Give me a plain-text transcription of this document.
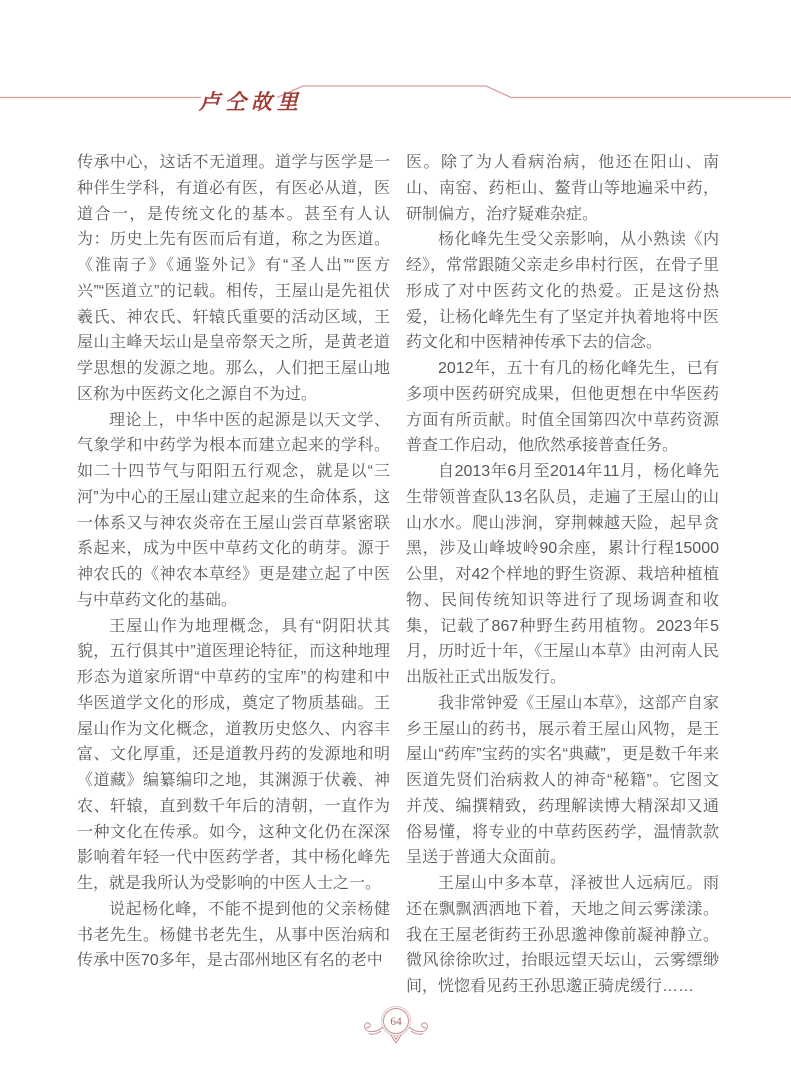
卢仝故里

传承中心，这话不无道理。道学与医学是一种伴生学科，有道必有医，有医必从道，医道合一，是传统文化的基本。甚至有人认为：历史上先有医而后有道，称之为医道。《淮南子》《通鉴外记》有“圣人出”“医方兴”“医道立”的记载。相传，王屋山是先祖伏羲氏、神农氏、轩辕氏重要的活动区域，王屋山主峰天坛山是皇帝祭天之所，是黄老道学思想的发源之地。那么，人们把王屋山地区称为中医药文化之源自不为过。

理论上，中华中医的起源是以天文学、气象学和中药学为根本而建立起来的学科。如二十四节气与阳阳五行观念，就是以“三河”为中心的王屋山建立起来的生命体系，这一体系又与神农炎帝在王屋山尝百草紧密联系起来，成为中医中草药文化的萌芽。源于神农氏的《神农本草经》更是建立起了中医与中草药文化的基础。

王屋山作为地理概念，具有“阴阳状其貌，五行俱其中”道医理论特征，而这种地理形态为道家所谓“中草药的宝库”的构建和中华医道学文化的形成，奠定了物质基础。王屋山作为文化概念，道教历史悠久、内容丰富、文化厚重，还是道教丹药的发源地和明《道藏》编纂编印之地，其渊源于伏羲、神农、轩辕，直到数千年后的清朝，一直作为一种文化在传承。如今，这种文化仍在深深影响着年轻一代中医药学者，其中杨化峰先生，就是我所认为受影响的中医人士之一。

说起杨化峰，不能不提到他的父亲杨健书老先生。杨健书老先生，从事中医治病和传承中医70多年，是古邵州地区有名的老中

医。除了为人看病治病，他还在阳山、南山、南窑、药柜山、鳌背山等地遍采中药，研制偏方，治疗疑难杂症。

杨化峰先生受父亲影响，从小熟读《内经》，常常跟随父亲走乡串村行医，在骨子里形成了对中医药文化的热爱。正是这份热爱，让杨化峰先生有了坚定并执着地将中医药文化和中医精神传承下去的信念。

2012年，五十有几的杨化峰先生，已有多项中医药研究成果，但他更想在中华医药方面有所贡献。时值全国第四次中草药资源普查工作启动，他欣然承接普查任务。

自2013年6月至2014年11月，杨化峰先生带领普查队13名队员，走遍了王屋山的山山水水。爬山涉涧，穿荆棘越天险，起早贪黑，涉及山峰坡岭90余座，累计行程15000公里，对42个样地的野生资源、栽培种植植物、民间传统知识等进行了现场调查和收集，记载了867种野生药用植物。2023年5月，历时近十年，《王屋山本草》由河南人民出版社正式出版发行。

我非常钟爱《王屋山本草》，这部产自家乡王屋山的药书，展示着王屋山风物，是王屋山“药库”宝药的实名“典藏”，更是数千年来医道先贤们治病救人的神奇“秘籍”。它图文并茂、编撰精致，药理解读博大精深却又通俗易懂，将专业的中草药医药学，温情款款呈送于普通大众面前。

王屋山中多本草，泽被世人远病厄。雨还在飘飘洒洒地下着，天地之间云雾漾漾。我在王屋老街药王孙思邈神像前凝神静立。微风徐徐吹过，抬眼远望天坛山，云雾缥缈间，恍惚看见药王孙思邈正骑虎缓行……

64
